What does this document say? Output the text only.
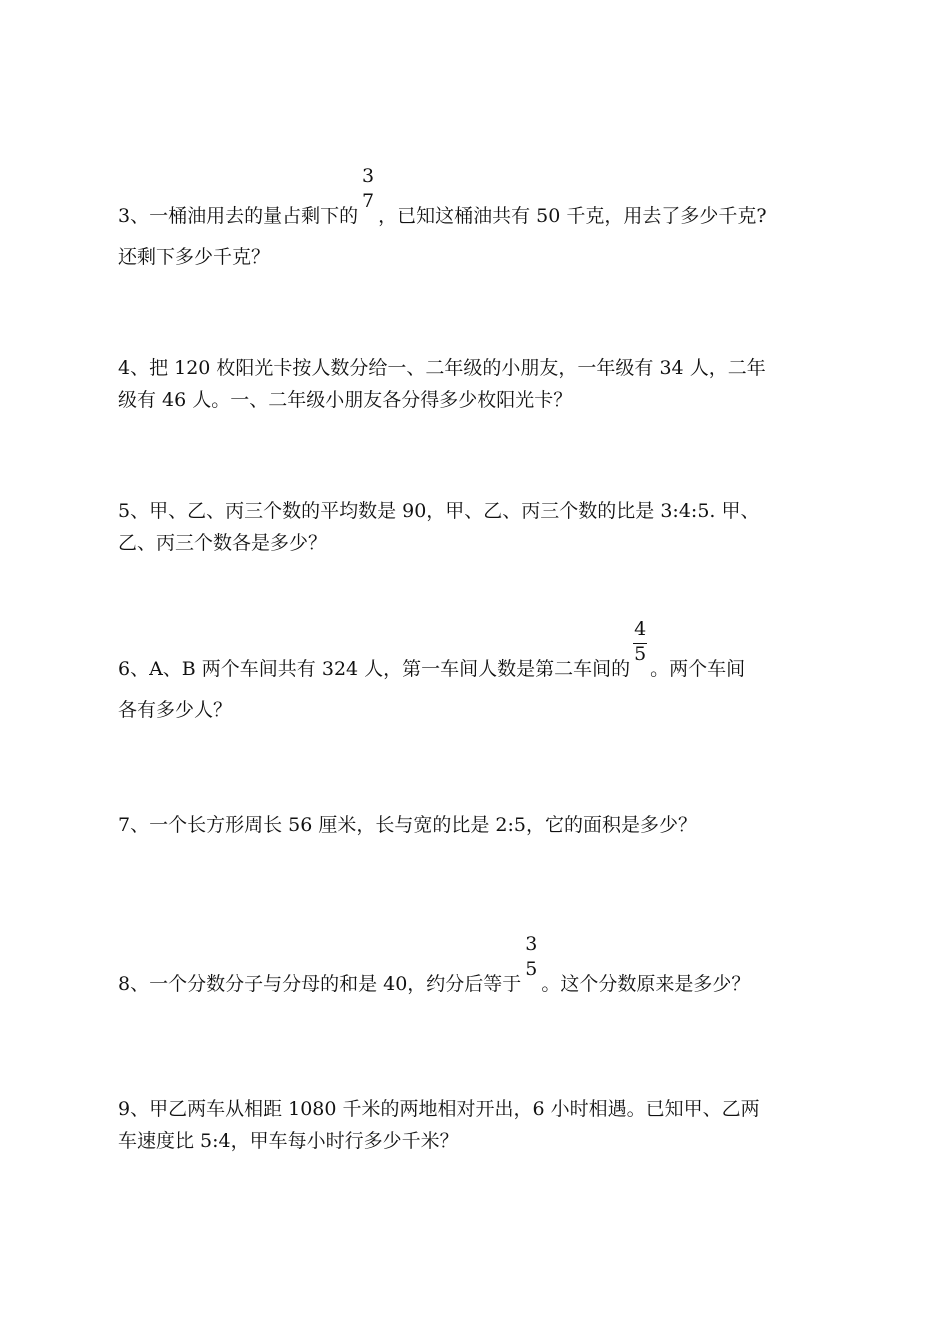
3、一桶油用去的量占剩下的
3
7
，已知这桶油共有 50 千克，用去了多少千克?
还剩下多少千克？
4、把 120 枚阳光卡按人数分给一、二年级的小朋友，一年级有 34 人，二年
级有 46 人。一、二年级小朋友各分得多少枚阳光卡？
5、甲、乙、丙三个数的平均数是 90，甲、乙、丙三个数的比是 3:4:5. 甲、
乙、丙三个数各是多少？
6、A、B 两个车间共有 324 人，第一车间人数是第二车间的 $\frac{4}{5}$ 。两个车间
各有多少人？
7、一个长方形周长 56 厘米，长与宽的比是 2:5，它的面积是多少？
8、一个分数分子与分母的和是 40，约分后等于
3
5
。这个分数原来是多少？
9、甲乙两车从相距 1080 千米的两地相对开出，6 小时相遇。已知甲、乙两
车速度比 5:4，甲车每小时行多少千米？
